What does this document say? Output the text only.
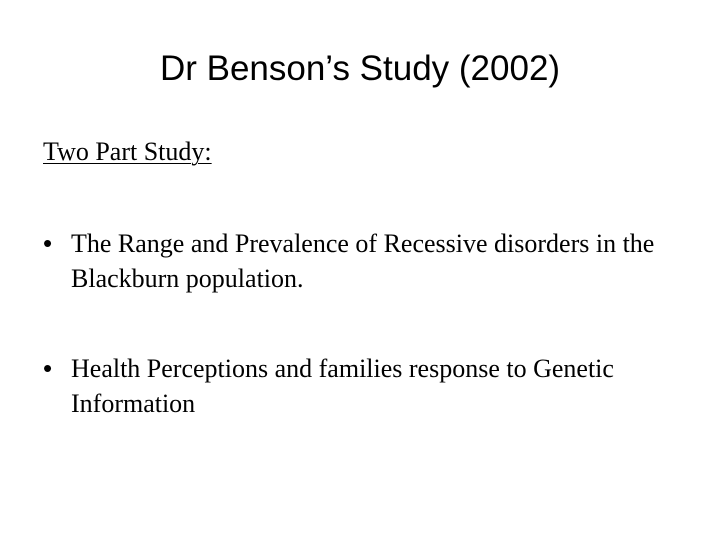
Dr Benson’s Study (2002)

Two Part Study:

• The Range and Prevalence of Recessive disorders in the Blackburn population.
• Health Perceptions and families response to Genetic Information
